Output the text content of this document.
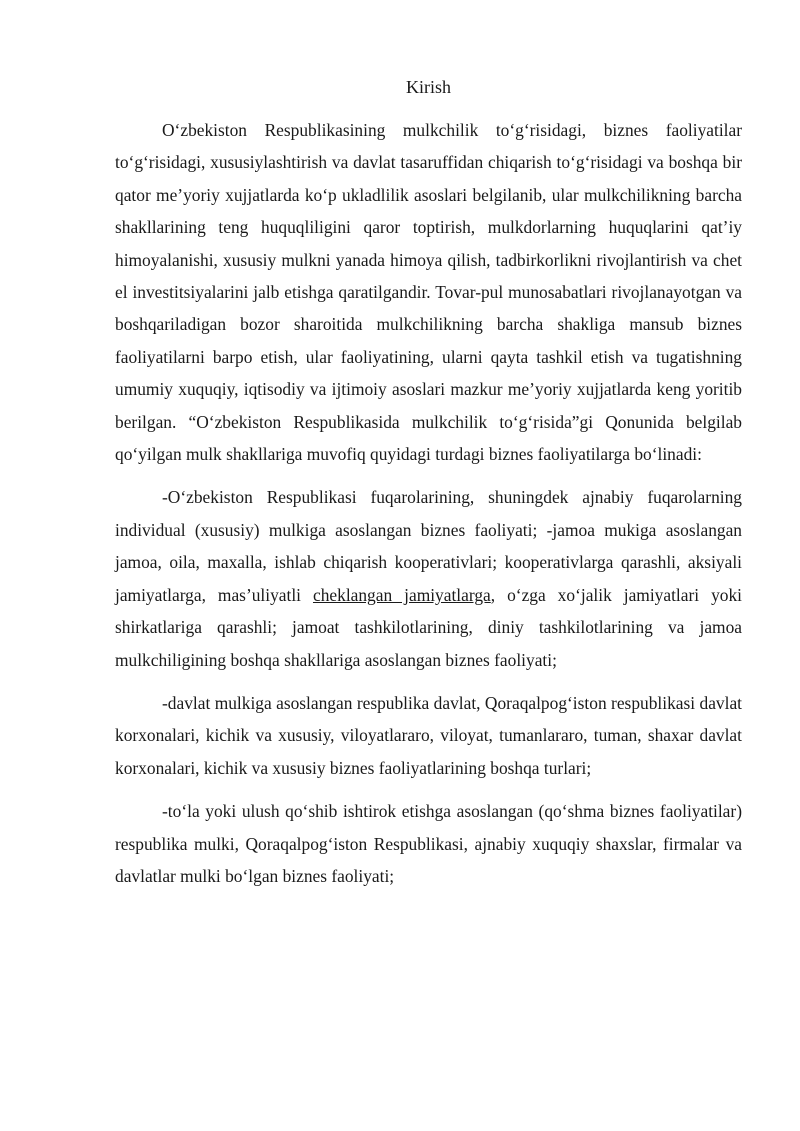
Kirish

O‘zbekiston Respublikasining mulkchilik to‘g‘risidagi, biznes faoliyatilar to‘g‘risidagi, xususiylashtirish va davlat tasaruffidan chiqarish to‘g‘risidagi va boshqa bir qator me’yoriy xujjatlarda ko‘p ukladlilik asoslari belgilanib, ular mulkchilikning barcha shakllarining teng huquqliligini qaror toptirish, mulkdorlarning huquqlarini qat’iy himoyalanishi, xususiy mulkni yanada himoya qilish, tadbirkorlikni rivojlantirish va chet el investitsiyalarini jalb etishga qaratilgandir. Tovar-pul munosabatlari rivojlanayotgan va boshqariladigan bozor sharoitida mulkchilikning barcha shakliga mansub biznes faoliyatilarni barpo etish, ular faoliyatining, ularni qayta tashkil etish va tugatishning umumiy xuquqiy, iqtisodiy va ijtimoiy asoslari mazkur me’yoriy xujjatlarda keng yoritib berilgan. “O‘zbekiston Respublikasida mulkchilik to‘g‘risida”gi Qonunida belgilab qo‘yilgan mulk shakllariga muvofiq quyidagi turdagi biznes faoliyatilarga bo‘linadi:

-O‘zbekiston Respublikasi fuqarolarining, shuningdek ajnabiy fuqarolarning individual (xususiy) mulkiga asoslangan biznes faoliyati; -jamoa mukiga asoslangan jamoa, oila, maxalla, ishlab chiqarish kooperativlari; kooperativlarga qarashli, aksiyali jamiyatlarga, mas’uliyatli cheklangan jamiyatlarga, o‘zga xo‘jalik jamiyatlari yoki shirkatlariga qarashli; jamoat tashkilotlarining, diniy tashkilotlarining va jamoa mulkchiligining boshqa shakllariga asoslangan biznes faoliyati;

-davlat mulkiga asoslangan respublika davlat, Qoraqalpog‘iston respublikasi davlat korxonalari, kichik va xususiy, viloyatlararo, viloyat, tumanlararo, tuman, shaxar davlat korxonalari, kichik va xususiy biznes faoliyatlarining boshqa turlari;

-to‘la yoki ulush qo‘shib ishtirok etishga asoslangan (qo‘shma biznes faoliyatilar) respublika mulki, Qoraqalpog‘iston Respublikasi, ajnabiy xuquqiy shaxslar, firmalar va davlatlar mulki bo‘lgan biznes faoliyati;
